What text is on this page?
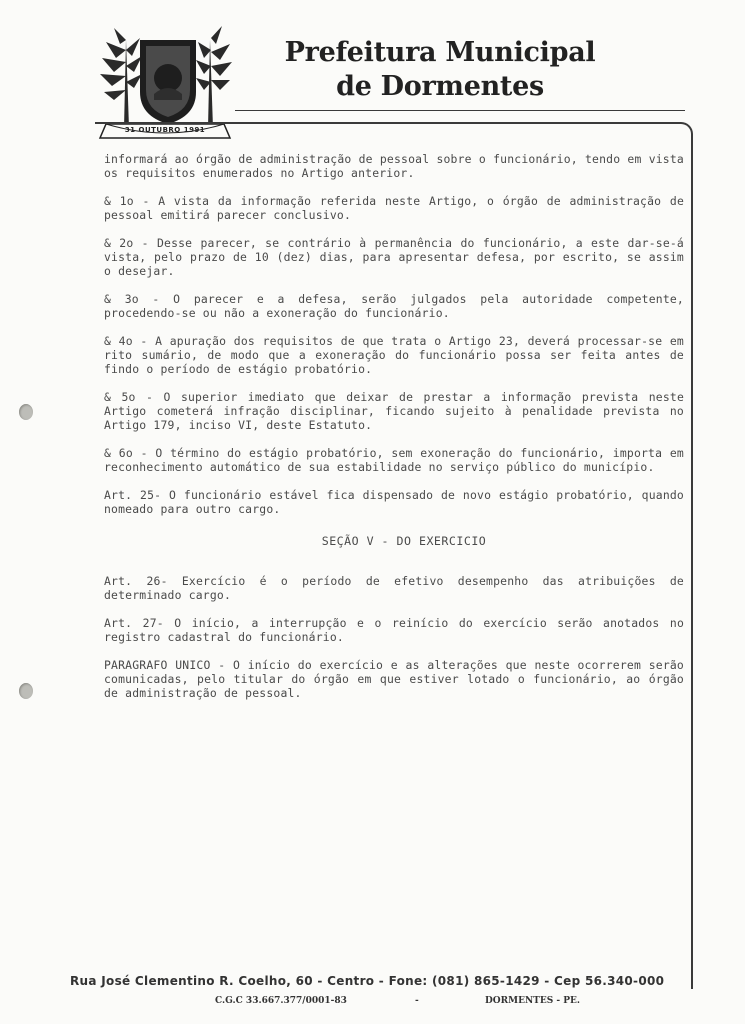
31 OUTUBRO 1991
Prefeitura Municipal
de Dormentes

informará ao órgão de administração de pessoal sobre o funcionário, tendo em vista os requisitos enumerados no Artigo anterior.

& 1o - A vista da informação referida neste Artigo, o órgão de administração de pessoal emitirá parecer conclusivo.

& 2o - Desse parecer, se contrário à permanência do funcionário, a este dar-se-á vista, pelo prazo de 10 (dez) dias, para apresentar defesa, por escrito, se assim o desejar.

& 3o - O parecer e a defesa, serão julgados pela autoridade competente, procedendo-se ou não a exoneração do funcionário.

& 4o - A apuração dos requisitos de que trata o Artigo 23, deverá processar-se em rito sumário, de modo que a exoneração do funcionário possa ser feita antes de findo o período de estágio probatório.

& 5o - O superior imediato que deixar de prestar a informação prevista neste Artigo cometerá infração disciplinar, ficando sujeito à penalidade prevista no Artigo 179, inciso VI, deste Estatuto.

& 6o - O término do estágio probatório, sem exoneração do funcionário, importa em reconhecimento automático de sua estabilidade no serviço público do município.

Art. 25- O funcionário estável fica dispensado de novo estágio probatório, quando nomeado para outro cargo.

SEÇÃO V - DO EXERCICIO

Art. 26- Exercício é o período de efetivo desempenho das atribuições de determinado cargo.

Art. 27- O início, a interrupção e o reinício do exercício serão anotados no registro cadastral do funcionário.

PARAGRAFO UNICO - O início do exercício e as alterações que neste ocorrerem serão comunicadas, pelo titular do órgão em que estiver lotado o funcionário, ao órgão de administração de pessoal.

Rua José Clementino R. Coelho, 60 - Centro - Fone: (081) 865-1429 - Cep 56.340-000
C.G.C 33.667.377/0001-83	-	DORMENTES - PE.
